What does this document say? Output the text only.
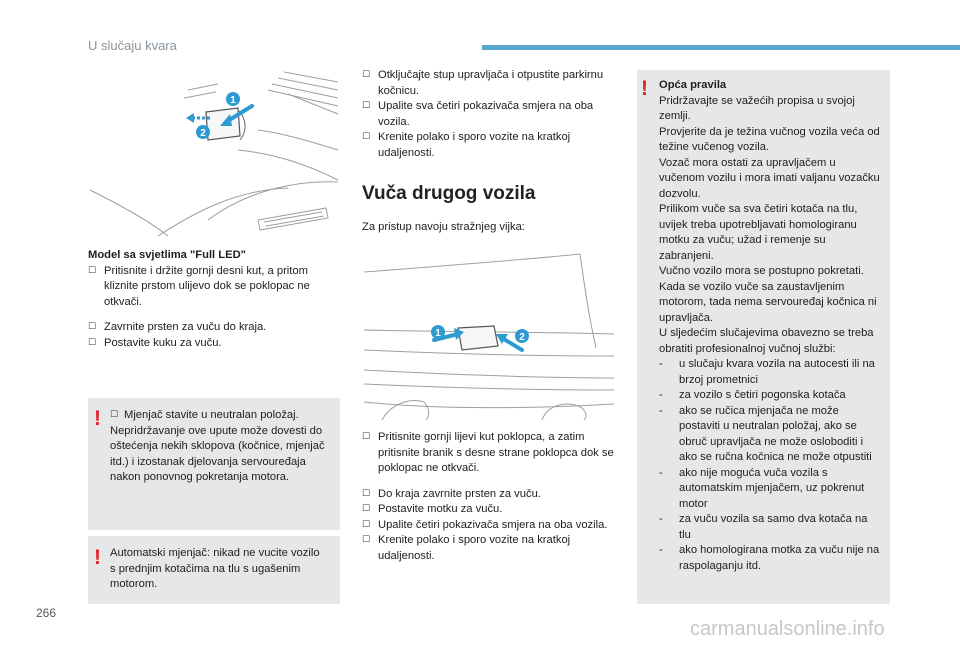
U slučaju kvara
1
2

Model sa svjetlima "Full LED"

☐ Pritisnite i držite gornji desni kut, a pritom kliznite prstom ulijevo dok se poklopac ne otkvači.

☐ Zavrnite prsten za vuču do kraja.

☐ Postavite kuku za vuču.

!

☐	Mjenjač stavite u neutralan položaj.

Nepridržavanje ove upute može dovesti do oštećenja nekih sklopova (kočnice, mjenjač itd.) i izostanak djelovanja servouređaja nakon ponovnog pokretanja motora.

! Automatski mjenjač: nikad ne vucite vozilo s prednjim kotačima na tlu s ugašenim motorom.

☐ Otključajte stup upravljača i otpustite parkirnu kočnicu.

☐ Upalite sva četiri pokazivača smjera na oba vozila.

☐ Krenite polako i sporo vozite na kratkoj udaljenosti.

Vuča drugog vozila

Za pristup navoju stražnjeg vijka:

1	2

☐ Pritisnite gornji lijevi kut poklopca, a zatim pritisnite branik s desne strane poklopca dok se poklopac ne otkvači.

☐ Do kraja zavrnite prsten za vuču.

☐ Postavite motku za vuču.

☐ Upalite četiri pokazivača smjera na oba vozila.

☐ Krenite polako i sporo vozite na kratkoj udaljenosti.

! Opća pravila

Pridržavajte se važećih propisa u svojoj zemlji.

Provjerite da je težina vučnog vozila veća od težine vučenog vozila.

Vozač mora ostati za upravljačem u vučenom vozilu i mora imati valjanu vozačku dozvolu.

Prilikom vuče sa sva četiri kotača na tlu, uvijek treba upotrebljavati homologiranu motku za vuču; užad i remenje su zabranjeni.

Vučno vozilo mora se postupno pokretati.

Kada se vozilo vuče sa zaustavljenim motorom, tada nema servouređaj kočnica ni upravljača.

U sljedećim slučajevima obavezno se treba obratiti profesionalnoj vučnoj službi:

- u slučaju kvara vozila na autocesti ili na brzoj prometnici

- za vozilo s četiri pogonska kotača

- ako se ručica mjenjača ne može postaviti u neutralan položaj, ako se obruč upravljača ne može osloboditi i ako se ručna kočnica ne može otpustiti

- ako nije moguća vuča vozila s automatskim mjenjačem, uz pokrenut motor

- za vuču vozila sa samo dva kotača na tlu

- ako homologirana motka za vuču nije na raspolaganju itd.

266
carmanualsonline.info
